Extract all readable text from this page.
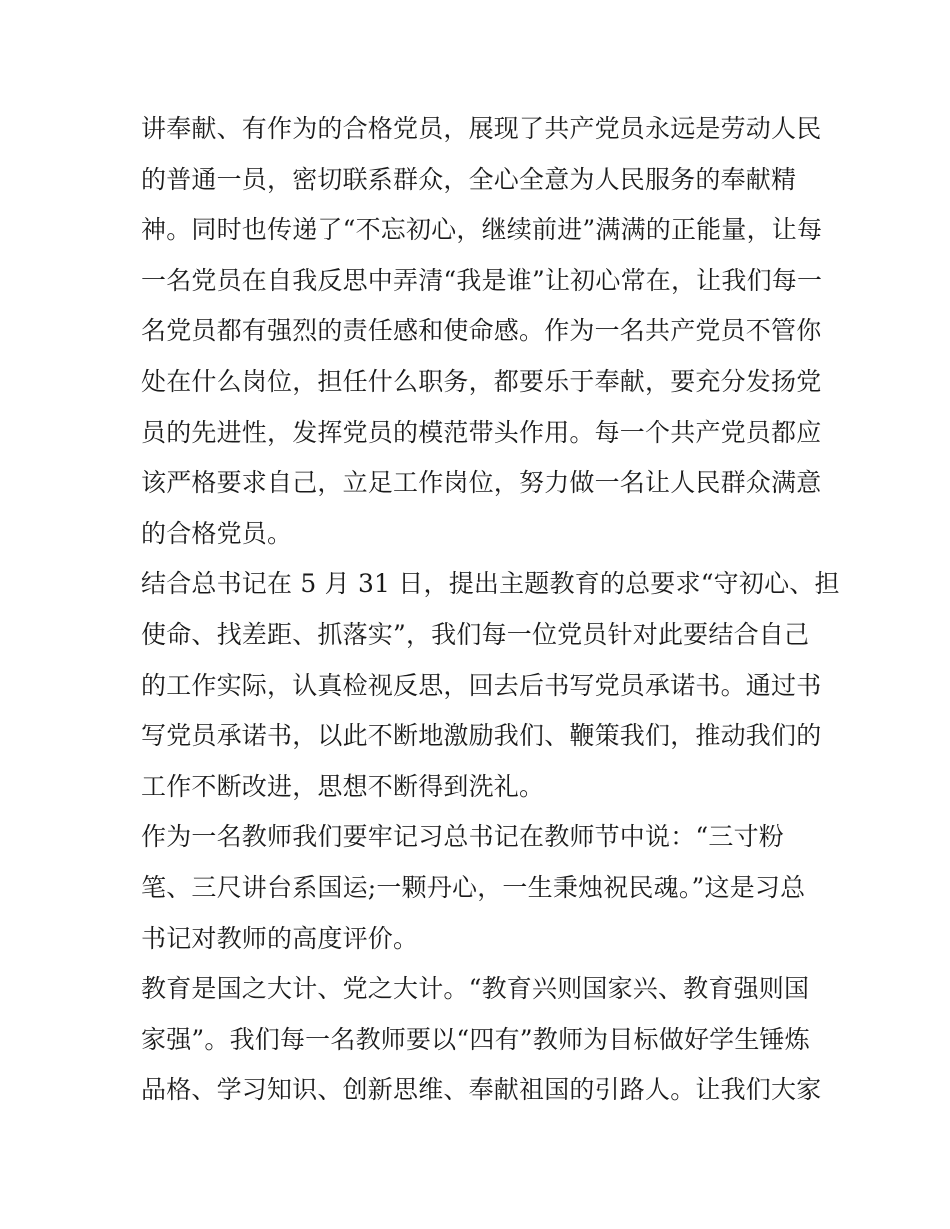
讲奉献、有作为的合格党员，展现了共产党员永远是劳动人民
的普通一员，密切联系群众，全心全意为人民服务的奉献精
神。同时也传递了“不忘初心，继续前进”满满的正能量，让每
一名党员在自我反思中弄清“我是谁”让初心常在，让我们每一
名党员都有强烈的责任感和使命感。作为一名共产党员不管你
处在什么岗位，担任什么职务，都要乐于奉献，要充分发扬党
员的先进性，发挥党员的模范带头作用。每一个共产党员都应
该严格要求自己，立足工作岗位，努力做一名让人民群众满意
的合格党员。
结合总书记在 5 月 31 日，提出主题教育的总要求“守初心、担
使命、找差距、抓落实”，我们每一位党员针对此要结合自己
的工作实际，认真检视反思，回去后书写党员承诺书。通过书
写党员承诺书，以此不断地激励我们、鞭策我们，推动我们的
工作不断改进，思想不断得到洗礼。
作为一名教师我们要牢记习总书记在教师节中说：“三寸粉
笔、三尺讲台系国运;一颗丹心，一生秉烛祝民魂。”这是习总
书记对教师的高度评价。
教育是国之大计、党之大计。“教育兴则国家兴、教育强则国
家强”。我们每一名教师要以“四有”教师为目标做好学生锤炼
品格、学习知识、创新思维、奉献祖国的引路人。让我们大家
